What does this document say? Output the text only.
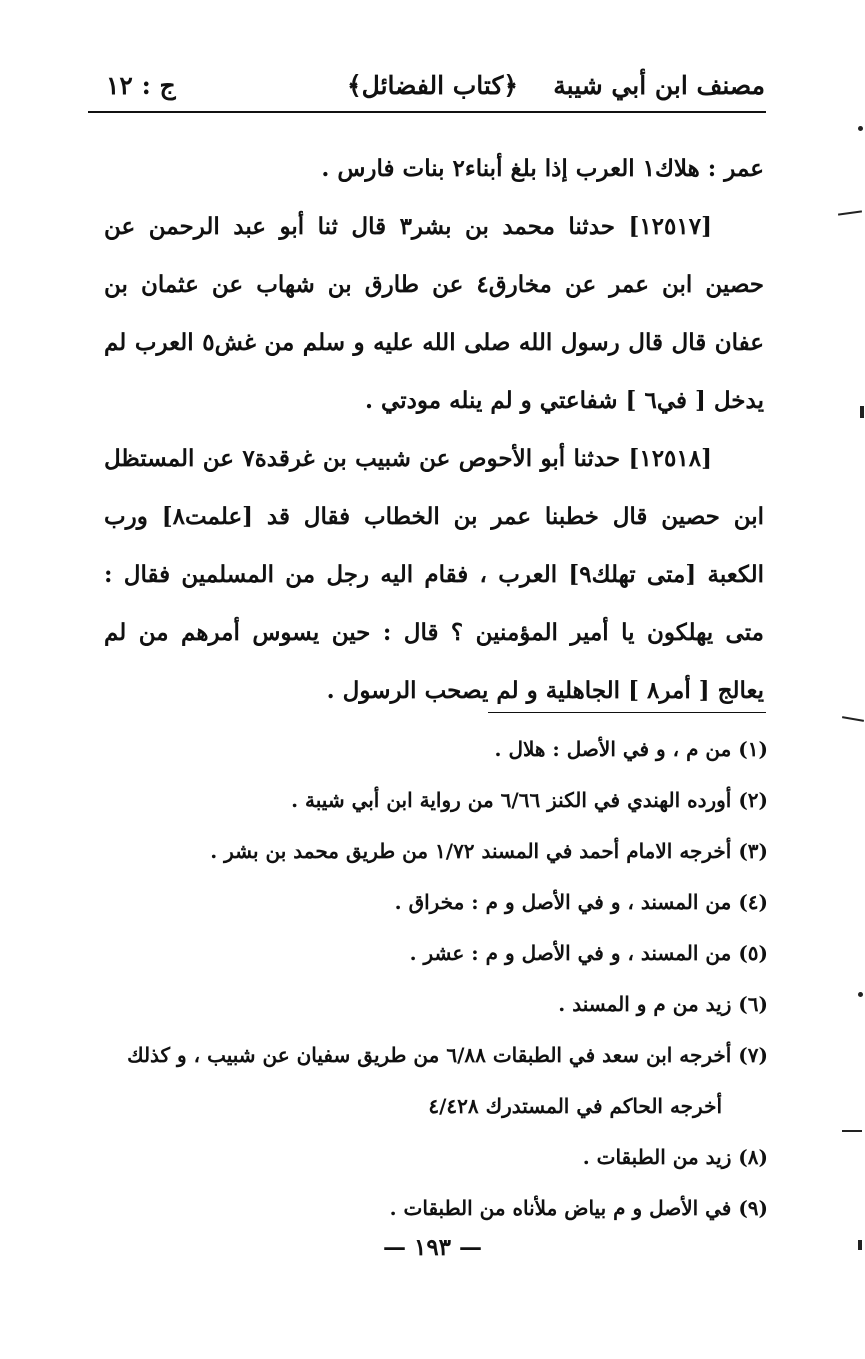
مصنف ابن أبي شيبة
﴿كتاب الفضائل﴾
ج : ١٢

عمر : هلاك١ العرب إذا بلغ أبناء٢ بنات فارس .

[١٢٥١٧] حدثنا محمد بن بشر٣ قال ثنا أبو عبد الرحمن عن حصين ابن عمر عن مخارق٤ عن طارق بن شهاب عن عثمان بن عفان قال قال رسول الله صلى الله عليه و سلم من غش٥ العرب لم يدخل [ في٦ ] شفاعتي و لم ينله مودتي .

[١٢٥١٨] حدثنا أبو الأحوص عن شبيب بن غرقدة٧ عن المستظل ابن حصين قال خطبنا عمر بن الخطاب فقال قد [علمت٨] ورب الكعبة [متى تهلك٩] العرب ، فقام اليه رجل من المسلمين فقال : متى يهلكون يا أمير المؤمنين ؟ قال : حين يسوس أمرهم من لم يعالج [ أمر٨ ] الجاهلية و لم يصحب الرسول .

(١) من م ، و في الأصل : هلال .

(٢) أورده الهندي في الكنز ٦/٦٦ من رواية ابن أبي شيبة .

(٣) أخرجه الامام أحمد في المسند ١/٧٢ من طريق محمد بن بشر .

(٤) من المسند ، و في الأصل و م : مخراق .

(٥) من المسند ، و في الأصل و م : عشر .

(٦) زيد من م و المسند .

(٧) أخرجه ابن سعد في الطبقات ٦/٨٨ من طريق سفيان عن شبيب ، و كذلك

أخرجه الحاكم في المستدرك ٤/٤٢٨

(٨) زيد من الطبقات .

(٩) في الأصل و م بياض ملأناه من الطبقات .

— ١٩٣ —
